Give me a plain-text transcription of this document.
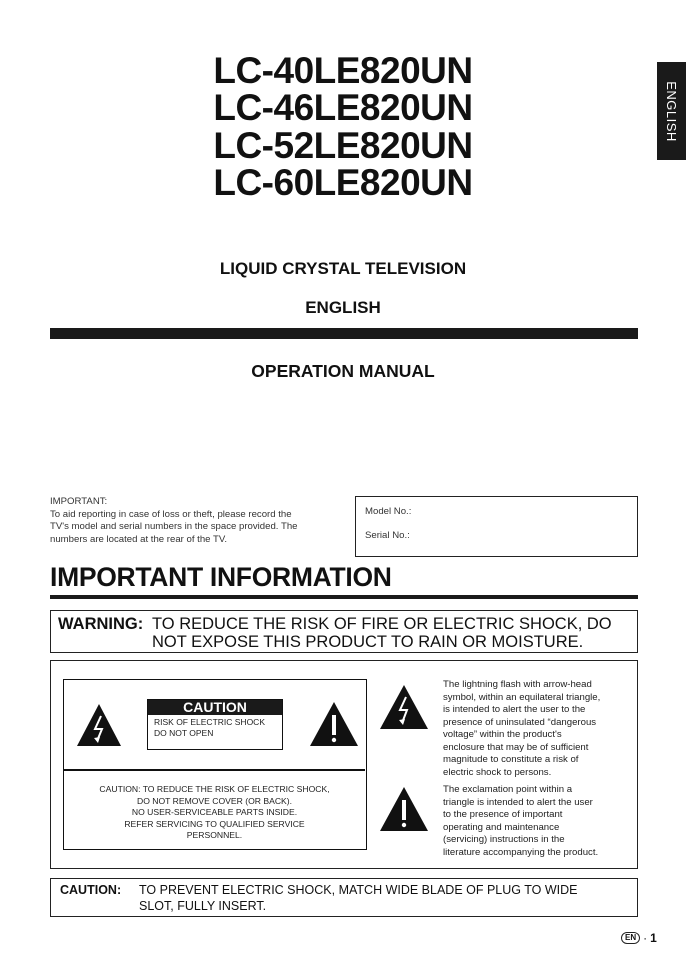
LC-40LE820UN
LC-46LE820UN
LC-52LE820UN
LC-60LE820UN
ENGLISH
LIQUID CRYSTAL TELEVISION
ENGLISH
OPERATION MANUAL
IMPORTANT:
To aid reporting in case of loss or theft, please record the
TV's model and serial numbers in the space provided. The
numbers are located at the rear of the TV.
Model No.:
Serial No.:
IMPORTANT INFORMATION
WARNING: TO REDUCE THE RISK OF FIRE OR ELECTRIC SHOCK, DO
NOT EXPOSE THIS PRODUCT TO RAIN OR MOISTURE.
CAUTION
RISK OF ELECTRIC SHOCK
DO NOT OPEN
CAUTION: TO REDUCE THE RISK OF ELECTRIC SHOCK,
DO NOT REMOVE COVER (OR BACK).
NO USER-SERVICEABLE PARTS INSIDE.
REFER SERVICING TO QUALIFIED SERVICE
PERSONNEL.
The lightning flash with arrow-head
symbol, within an equilateral triangle,
is intended to alert the user to the
presence of uninsulated “dangerous
voltage” within the product's
enclosure that may be of sufficient
magnitude to constitute a risk of
electric shock to persons.
The exclamation point within a
triangle is intended to alert the user
to the presence of important
operating and maintenance
(servicing) instructions in the
literature accompanying the product.
CAUTION: TO PREVENT ELECTRIC SHOCK, MATCH WIDE BLADE OF PLUG TO WIDE
SLOT, FULLY INSERT.
EN · 1
